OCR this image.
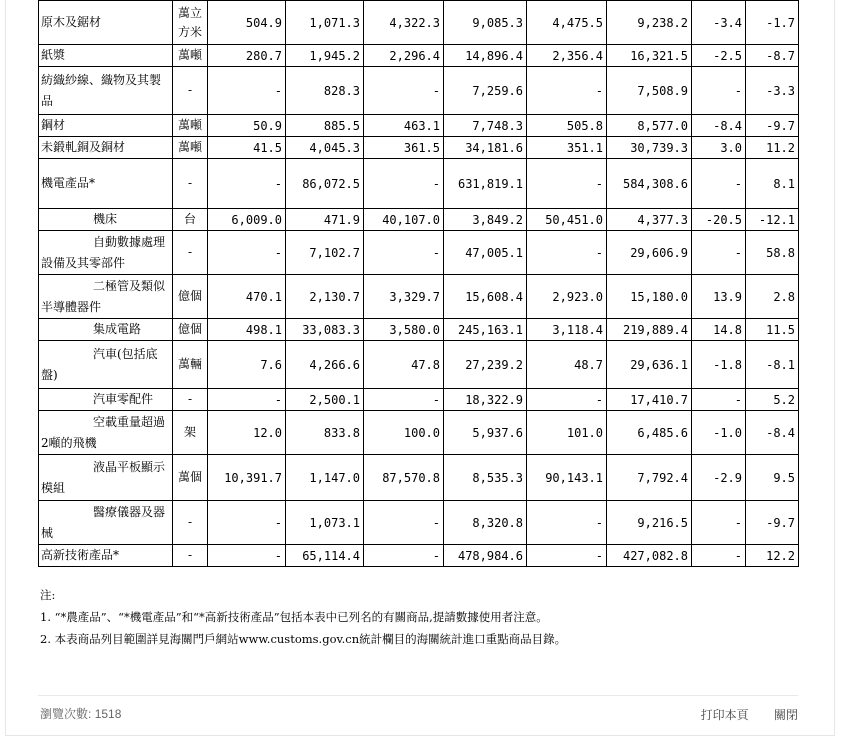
原木及鋸材	萬立方米	504.9	1,071.3	4,322.3	9,085.3	4,475.5	9,238.2	-3.4	-1.7
紙漿	萬噸	280.7	1,945.2	2,296.4	14,896.4	2,356.4	16,321.5	-2.5	-8.7
紡織紗線、織物及其製品	-	-	828.3	-	7,259.6	-	7,508.9	-	-3.3
鋼材	萬噸	50.9	885.5	463.1	7,748.3	505.8	8,577.0	-8.4	-9.7
未鍛軋銅及銅材	萬噸	41.5	4,045.3	361.5	34,181.6	351.1	30,739.3	3.0	11.2
機電產品*	-	-	86,072.5	-	631,819.1	-	584,308.6	-	8.1
機床	台	6,009.0	471.9	40,107.0	3,849.2	50,451.0	4,377.3	-20.5	-12.1
自動數據處理設備及其零部件	-	-	7,102.7	-	47,005.1	-	29,606.9	-	58.8
二極管及類似半導體器件	億個	470.1	2,130.7	3,329.7	15,608.4	2,923.0	15,180.0	13.9	2.8
集成電路	億個	498.1	33,083.3	3,580.0	245,163.1	3,118.4	219,889.4	14.8	11.5
汽車(包括底盤)	萬輛	7.6	4,266.6	47.8	27,239.2	48.7	29,636.1	-1.8	-8.1
汽車零配件	-	-	2,500.1	-	18,322.9	-	17,410.7	-	5.2
空載重量超過2噸的飛機	架	12.0	833.8	100.0	5,937.6	101.0	6,485.6	-1.0	-8.4
液晶平板顯示模組	萬個	10,391.7	1,147.0	87,570.8	8,535.3	90,143.1	7,792.4	-2.9	9.5
醫療儀器及器械	-	-	1,073.1	-	8,320.8	-	9,216.5	-	-9.7
高新技術產品*	-	-	65,114.4	-	478,984.6	-	427,082.8	-	12.2
注:
1. “*農產品”、“*機電產品”和“*高新技術產品”包括本表中已列名的有關商品,提請數據使用者注意。
2. 本表商品列目範圍詳見海關門戶網站www.customs.gov.cn統計欄目的海關統計進口重點商品目錄。
瀏覽次數: 1518	打印本頁 關閉
